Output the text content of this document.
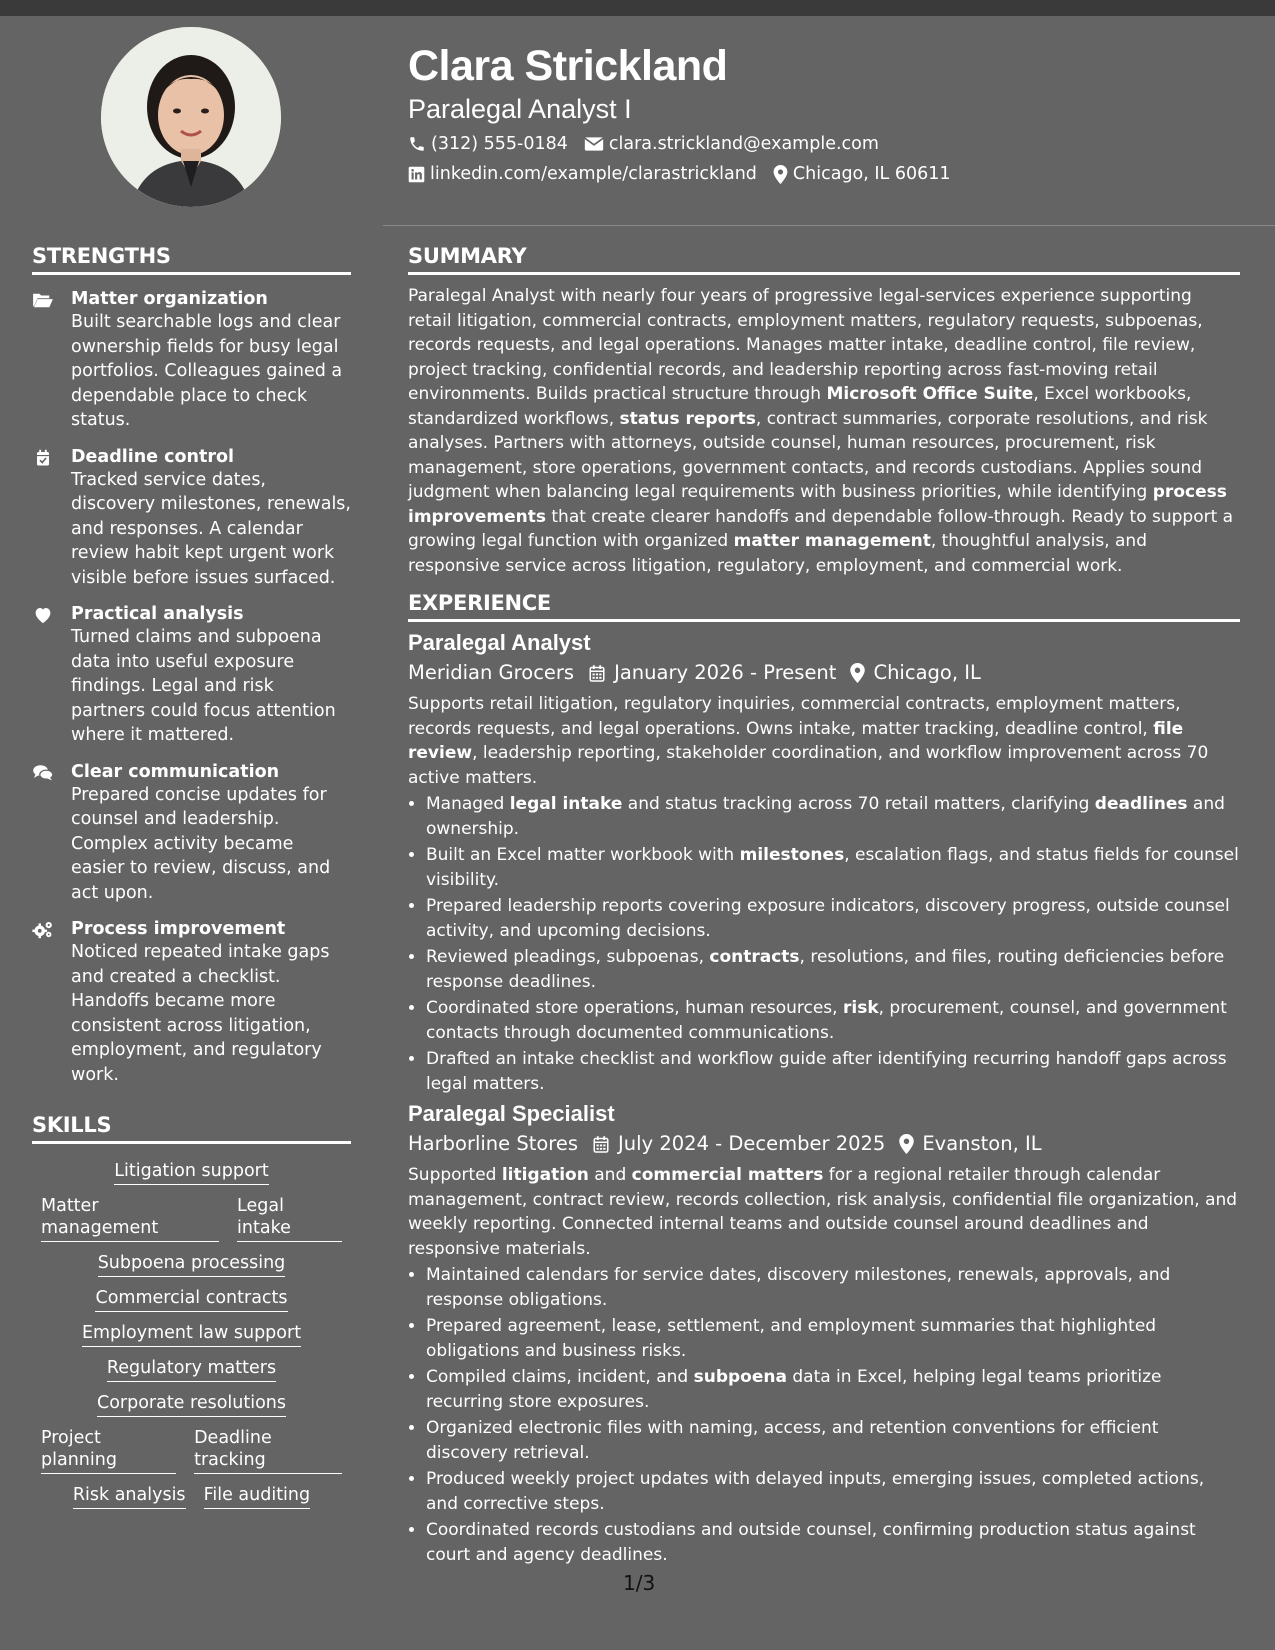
Clara Strickland
Paralegal Analyst I
(312) 555-0184 clara.strickland@example.com
linkedin.com/example/clarastrickland Chicago, IL 60611
STRENGTHS
Matter organization
Built searchable logs and clear ownership fields for busy legal portfolios. Colleagues gained a dependable place to check status.
Deadline control
Tracked service dates, discovery milestones, renewals, and responses. A calendar review habit kept urgent work visible before issues surfaced.
Practical analysis
Turned claims and subpoena data into useful exposure findings. Legal and risk partners could focus attention where it mattered.
Clear communication
Prepared concise updates for counsel and leadership. Complex activity became easier to review, discuss, and act upon.
Process improvement
Noticed repeated intake gaps and created a checklist. Handoffs became more consistent across litigation, employment, and regulatory work.
SKILLS
Litigation support
Matter management
Legal intake
Subpoena processing
Commercial contracts
Employment law support
Regulatory matters
Corporate resolutions
Project planning
Deadline tracking
Risk analysis File auditing
SUMMARY

Paralegal Analyst with nearly four years of progressive legal-services experience supporting retail litigation, commercial contracts, employment matters, regulatory requests, subpoenas, records requests, and legal operations. Manages matter intake, deadline control, file review, project tracking, confidential records, and leadership reporting across fast-moving retail environments. Builds practical structure through Microsoft Office Suite, Excel workbooks, standardized workflows, status reports, contract summaries, corporate resolutions, and risk analyses. Partners with attorneys, outside counsel, human resources, procurement, risk management, store operations, government contacts, and records custodians. Applies sound judgment when balancing legal requirements with business priorities, while identifying process improvements that create clearer handoffs and dependable follow-through. Ready to support a growing legal function with organized matter management, thoughtful analysis, and responsive service across litigation, regulatory, employment, and commercial work.

EXPERIENCE
Paralegal Analyst
Meridian Grocers January 2026 - Present Chicago, IL

Supports retail litigation, regulatory inquiries, commercial contracts, employment matters, records requests, and legal operations. Owns intake, matter tracking, deadline control, file review, leadership reporting, stakeholder coordination, and workflow improvement across 70 active matters.

• Managed legal intake and status tracking across 70 retail matters, clarifying deadlines and ownership.
• Built an Excel matter workbook with milestones, escalation flags, and status fields for counsel visibility.
• Prepared leadership reports covering exposure indicators, discovery progress, outside counsel activity, and upcoming decisions.
• Reviewed pleadings, subpoenas, contracts, resolutions, and files, routing deficiencies before response deadlines.
• Coordinated store operations, human resources, risk, procurement, counsel, and government contacts through documented communications.
• Drafted an intake checklist and workflow guide after identifying recurring handoff gaps across legal matters.
Paralegal Specialist
Harborline Stores July 2024 - December 2025 Evanston, IL

Supported litigation and commercial matters for a regional retailer through calendar management, contract review, records collection, risk analysis, confidential file organization, and weekly reporting. Connected internal teams and outside counsel around deadlines and responsive materials.

• Maintained calendars for service dates, discovery milestones, renewals, approvals, and response obligations.
• Prepared agreement, lease, settlement, and employment summaries that highlighted obligations and business risks.
• Compiled claims, incident, and subpoena data in Excel, helping legal teams prioritize recurring store exposures.
• Organized electronic files with naming, access, and retention conventions for efficient discovery retrieval.
• Produced weekly project updates with delayed inputs, emerging issues, completed actions, and corrective steps.
• Coordinated records custodians and outside counsel, confirming production status against court and agency deadlines.
1/3
